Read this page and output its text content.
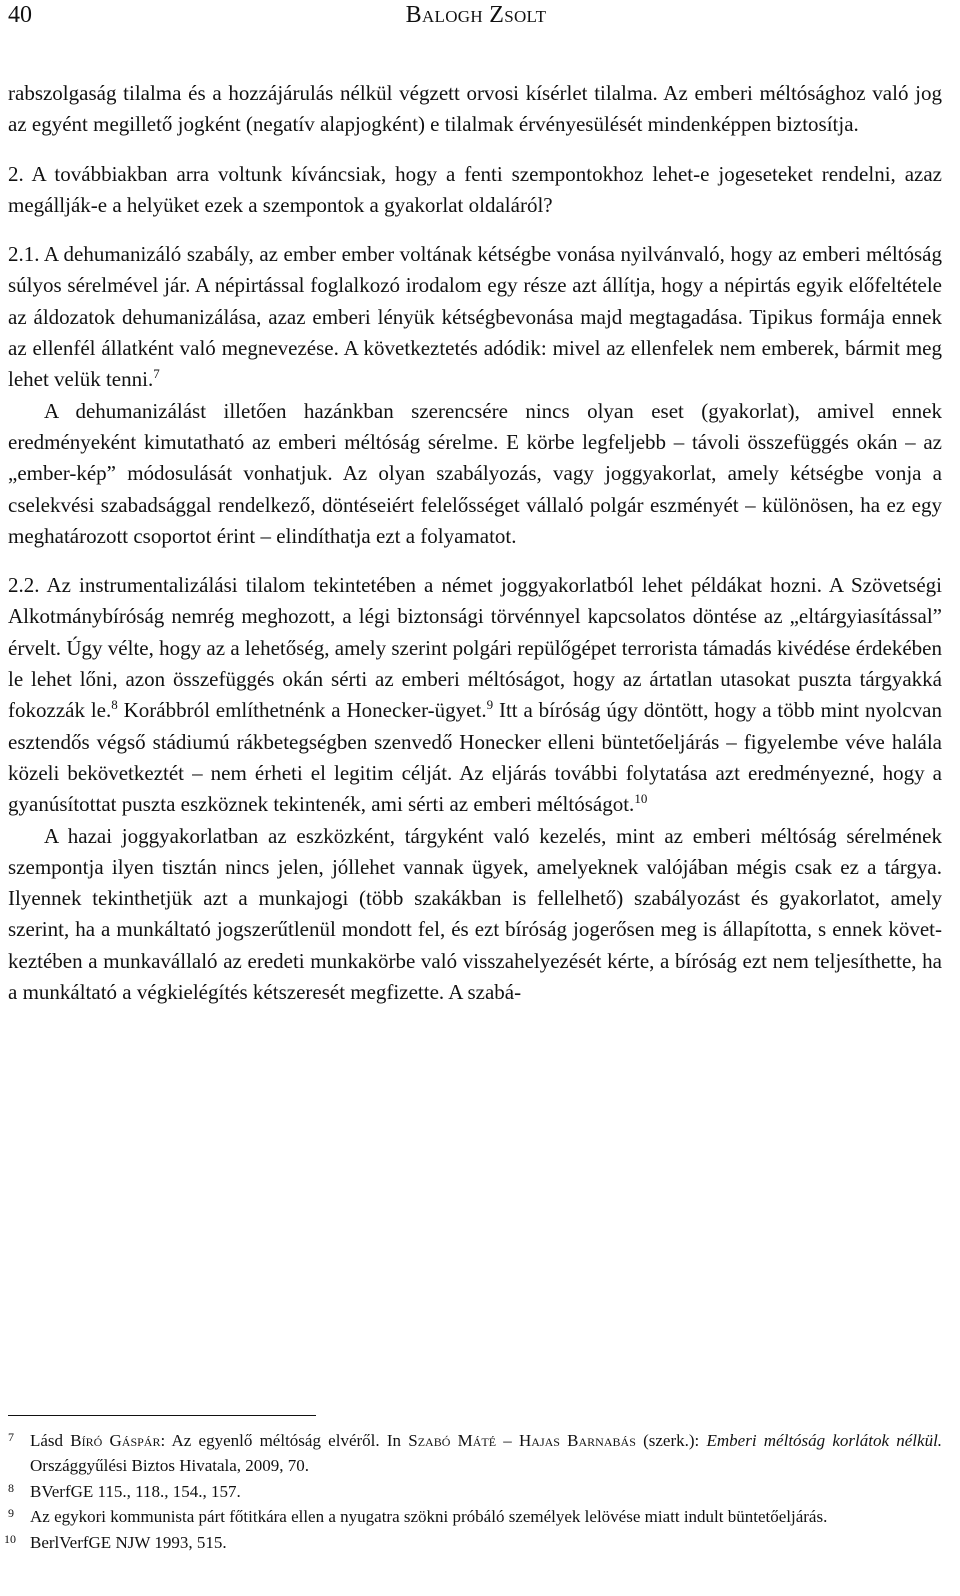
40	Balogh Zsolt

rabszolgaság tilalma és a hozzájárulás nélkül végzett orvosi kísérlet tilalma. Az emberi méltósághoz való jog az egyént megillető jogként (negatív alapjogként) e tilalmak érvényesülését mindenképpen biztosítja.

2. A továbbiakban arra voltunk kíváncsiak, hogy a fenti szempontokhoz lehet-e jogeseteket rendelni, azaz megállják-e a helyüket ezek a szempontok a gyakorlat oldaláról?

2.1. A dehumanizáló szabály, az ember ember voltának kétségbe vonása nyilvánvaló, hogy az emberi méltóság súlyos sérelmével jár. A népirtással foglalkozó irodalom egy része azt állítja, hogy a népirtás egyik előfeltétele az áldozatok dehumanizálása, azaz emberi lényük kétségbevonása majd megtagadása. Tipikus formája ennek az ellenfél állatként való megnevezése. A következtetés adódik: mivel az ellenfelek nem emberek, bármit meg lehet velük tenni.$^7$

A dehumanizálást illetően hazánkban szerencsére nincs olyan eset (gyakorlat), amivel ennek eredményeként kimutatható az emberi méltóság sérelme. E körbe legfeljebb – távoli összefüggés okán – az „ember-kép” módosulását vonhatjuk. Az olyan szabályozás, vagy joggyakorlat, amely kétségbe vonja a cselekvési szabadsággal rendelkező, döntéseiért felelősséget vállaló polgár eszményét – különösen, ha ez egy meghatározott csoportot érint – elindíthatja ezt a folyamatot.

2.2. Az instrumentalizálási tilalom tekintetében a német joggyakorlatból lehet példákat hozni. A Szövetségi Alkotmánybíróság nemrég meghozott, a légi biztonsági törvénnyel kapcsolatos döntése az „eltárgyiasítással” érvelt. Úgy vélte, hogy az a lehetőség, amely szerint polgári repülőgépet terrorista támadás kivédése érdekében le lehet lőni, azon összefüggés okán sérti az emberi méltóságot, hogy az ártatlan utasokat puszta tárgyakká fokozzák le.$^8$ Korábbról említhetnénk a Honecker-ügyet.$^9$ Itt a bíróság úgy döntött, hogy a több mint nyolcvan esztendős végső stádiumú rákbetegségben szenvedő Honecker elleni büntetőeljárás – figyelembe véve halála közeli bekövetkeztét – nem érheti el legitim célját. Az eljárás további folytatása azt eredményezné, hogy a gyanúsítottat puszta eszköznek tekintenék, ami sérti az emberi méltóságot.$^{10}$

A hazai joggyakorlatban az eszközként, tárgyként való kezelés, mint az emberi méltóság sérelmének szempontja ilyen tisztán nincs jelen, jóllehet vannak ügyek, amelyeknek valójában mégis csak ez a tárgya. Ilyennek tekinthetjük azt a munkajogi (több szakákban is fellelhető) szabályozást és gyakorlatot, amely szerint, ha a munkáltató jogszerűtlenül mondott fel, és ezt bíróság jogerősen meg is állapította, s ennek következtében a munkavállaló az eredeti munkakörbe való visszahelyezését kérte, a bíróság ezt nem teljesíthette, ha a munkáltató a végkielégítés kétszeresét megfizette. A szabá-

7 Lásd Bíró Gáspár: Az egyenlő méltóság elvéről. In Szabó Máté – Hajas Barnabás (szerk.): Emberi méltóság korlátok nélkül. Országgyűlési Biztos Hivatala, 2009, 70.
8 BVerfGE 115., 118., 154., 157.
9 Az egykori kommunista párt főtitkára ellen a nyugatra szökni próbáló személyek lelövése miatt indult büntetőeljárás.
10 BerlVerfGE NJW 1993, 515.
